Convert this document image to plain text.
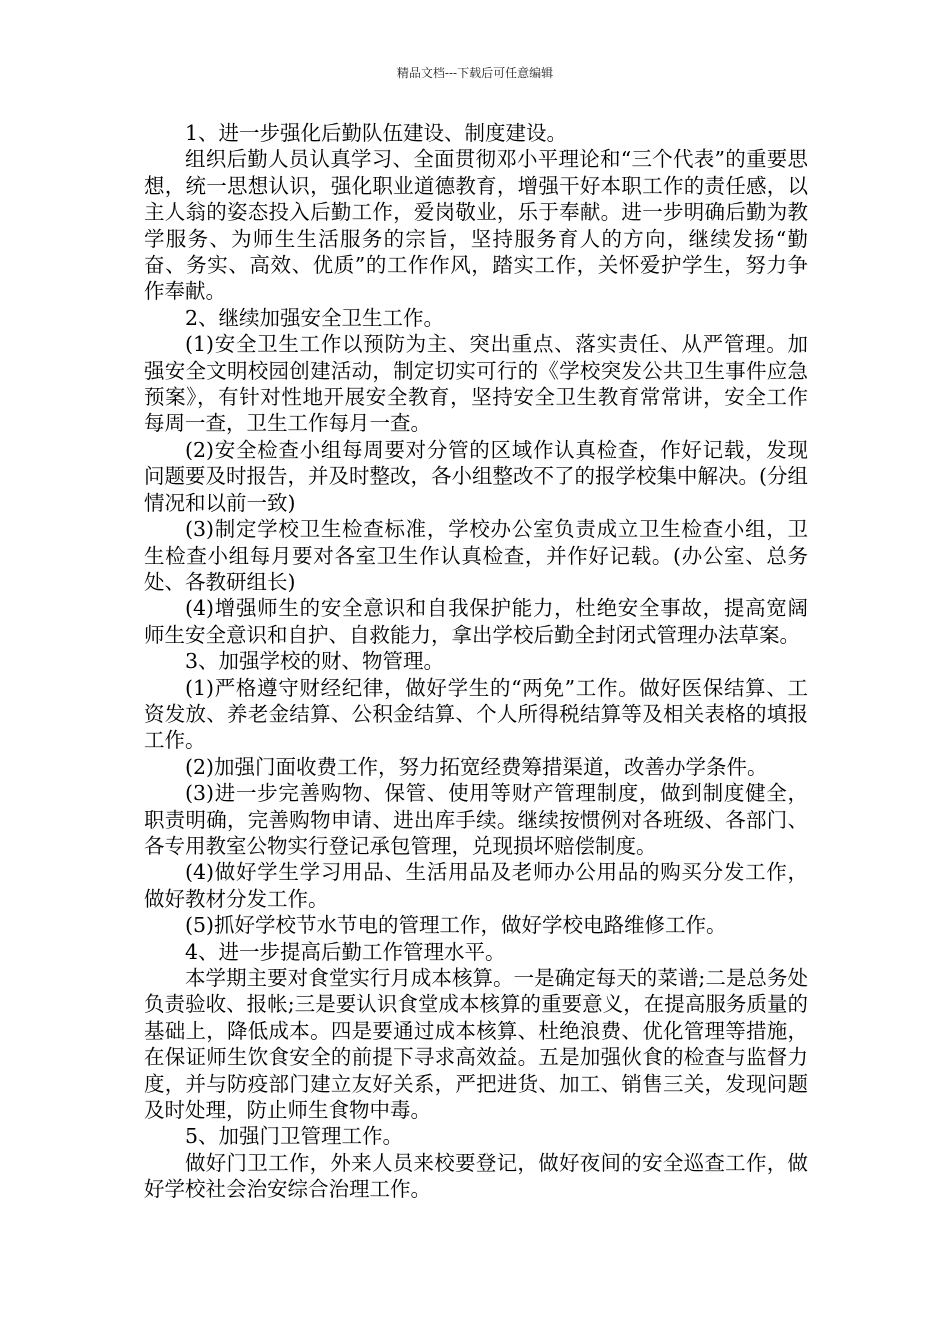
精品文档---下载后可任意编辑

1、进一步强化后勤队伍建设、制度建设。

组织后勤人员认真学习、全面贯彻邓小平理论和“三个代表”的重要思想，统一思想认识，强化职业道德教育，增强干好本职工作的责任感，以主人翁的姿态投入后勤工作，爱岗敬业，乐于奉献。进一步明确后勤为教学服务、为师生生活服务的宗旨，坚持服务育人的方向，继续发扬“勤奋、务实、高效、优质”的工作作风，踏实工作，关怀爱护学生，努力争作奉献。

2、继续加强安全卫生工作。

(1)安全卫生工作以预防为主、突出重点、落实责任、从严管理。加强安全文明校园创建活动，制定切实可行的《学校突发公共卫生事件应急预案》，有针对性地开展安全教育，坚持安全卫生教育常常讲，安全工作每周一查，卫生工作每月一查。

(2)安全检查小组每周要对分管的区域作认真检查，作好记载，发现问题要及时报告，并及时整改，各小组整改不了的报学校集中解决。(分组情况和以前一致)

(3)制定学校卫生检查标准，学校办公室负责成立卫生检查小组，卫生检查小组每月要对各室卫生作认真检查，并作好记载。(办公室、总务处、各教研组长)

(4)增强师生的安全意识和自我保护能力，杜绝安全事故，提高宽阔师生安全意识和自护、自救能力，拿出学校后勤全封闭式管理办法草案。

3、加强学校的财、物管理。

(1)严格遵守财经纪律，做好学生的“两免”工作。做好医保结算、工资发放、养老金结算、公积金结算、个人所得税结算等及相关表格的填报工作。

(2)加强门面收费工作，努力拓宽经费筹措渠道，改善办学条件。

(3)进一步完善购物、保管、使用等财产管理制度，做到制度健全，职责明确，完善购物申请、进出库手续。继续按惯例对各班级、各部门、各专用教室公物实行登记承包管理，兑现损坏赔偿制度。

(4)做好学生学习用品、生活用品及老师办公用品的购买分发工作，做好教材分发工作。

(5)抓好学校节水节电的管理工作，做好学校电路维修工作。

4、进一步提高后勤工作管理水平。

本学期主要对食堂实行月成本核算。一是确定每天的菜谱;二是总务处负责验收、报帐;三是要认识食堂成本核算的重要意义，在提高服务质量的基础上，降低成本。四是要通过成本核算、杜绝浪费、优化管理等措施，在保证师生饮食安全的前提下寻求高效益。五是加强伙食的检查与监督力度，并与防疫部门建立友好关系，严把进货、加工、销售三关，发现问题及时处理，防止师生食物中毒。

5、加强门卫管理工作。

做好门卫工作，外来人员来校要登记，做好夜间的安全巡查工作，做好学校社会治安综合治理工作。
